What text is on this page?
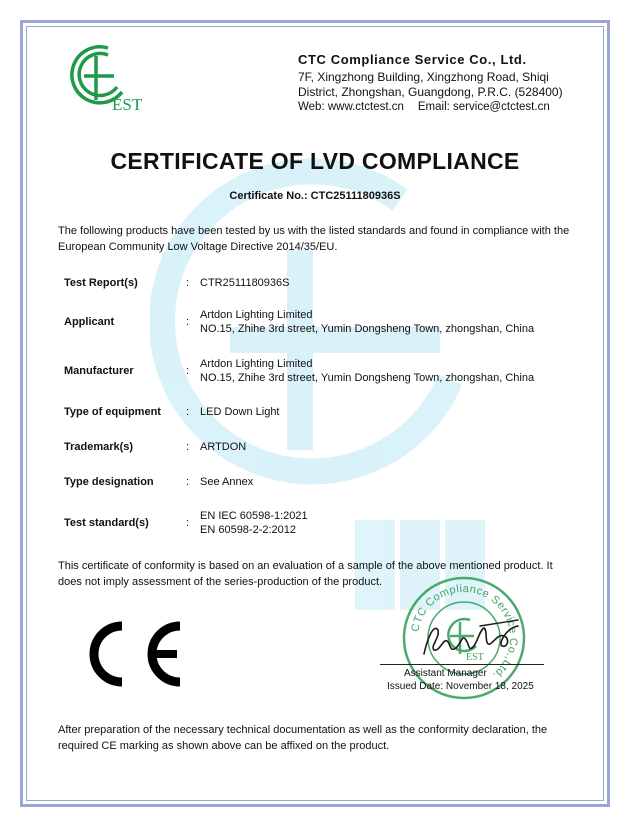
EST
CTC Compliance Service Co., Ltd.
7F, Xingzhong Building, Xingzhong Road, Shiqi
District, Zhongshan, Guangdong, P.R.C. (528400)
Web: www.ctctest.cn Email: service@ctctest.cn
CERTIFICATE OF LVD COMPLIANCE
Certificate No.: CTC2511180936S
The following products have been tested by us with the listed standards and found in compliance with the European Community Low Voltage Directive 2014/35/EU.
Test Report(s)	: CTR2511180936S
Applicant	:
Artdon Lighting Limited
NO.15, Zhihe 3rd street, Yumin Dongsheng Town, zhongshan, China
Manufacturer	:
Artdon Lighting Limited
NO.15, Zhihe 3rd street, Yumin Dongsheng Town, zhongshan, China
Type of equipment : LED Down Light
Trademark(s)	: ARTDON
Type designation	: See Annex
Test standard(s)	:
EN IEC 60598-1:2021
EN 60598-2-2:2012
This certificate of conformity is based on an evaluation of a sample of the above mentioned product. It does not imply assessment of the series-production of the product.
CTC Compliance Service Co.,Ltd.
EST
Assistant Manager
Issued Date: November 18, 2025
After preparation of the necessary technical documentation as well as the conformity declaration, the required CE marking as shown above can be affixed on the product.
